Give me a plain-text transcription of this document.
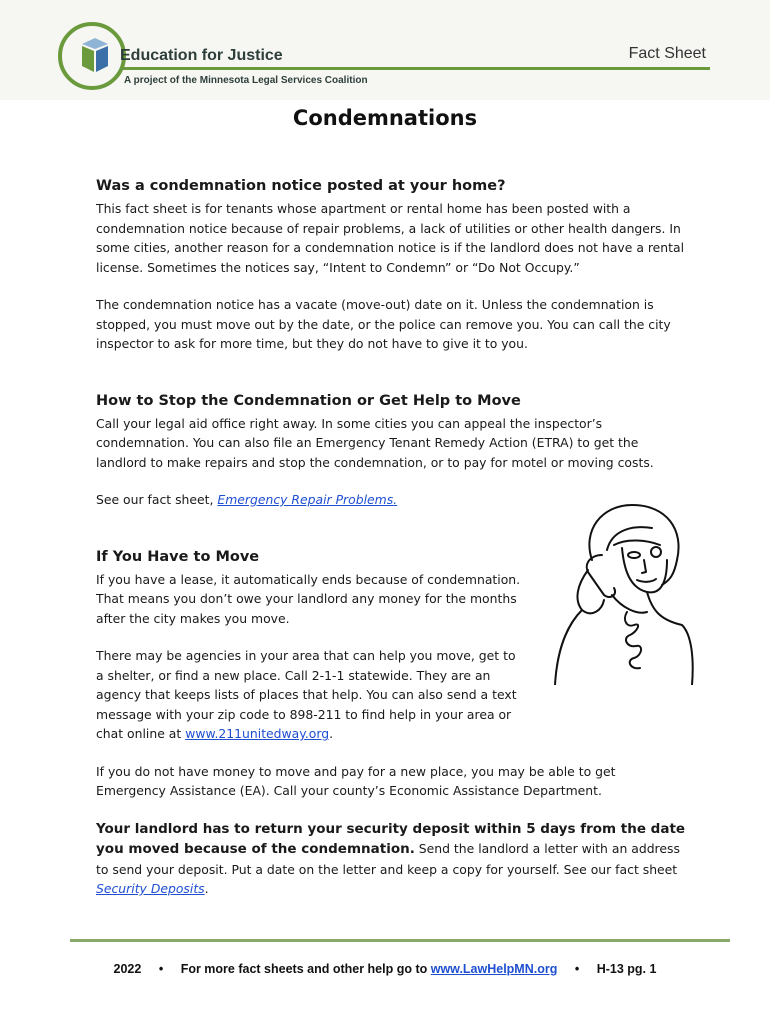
Education for Justice
A project of the Minnesota Legal Services Coalition
Fact Sheet
Condemnations
Was a condemnation notice posted at your home?

This fact sheet is for tenants whose apartment or rental home has been posted with a condemnation notice because of repair problems, a lack of utilities or other health dangers. In some cities, another reason for a condemnation notice is if the landlord does not have a rental license. Sometimes the notices say, “Intent to Condemn” or “Do Not Occupy.”

The condemnation notice has a vacate (move-out) date on it. Unless the condemnation is stopped, you must move out by the date, or the police can remove you. You can call the city inspector to ask for more time, but they do not have to give it to you.

How to Stop the Condemnation or Get Help to Move

Call your legal aid office right away. In some cities you can appeal the inspector’s condemnation. You can also file an Emergency Tenant Remedy Action (ETRA) to get the landlord to make repairs and stop the condemnation, or to pay for motel or moving costs.

See our fact sheet, Emergency Repair Problems.

If You Have to Move

If you have a lease, it automatically ends because of condemnation. That means you don’t owe your landlord any money for the months after the city makes you move.

There may be agencies in your area that can help you move, get to a shelter, or find a new place. Call 2-1-1 statewide. They are an agency that keeps lists of places that help. You can also send a text message with your zip code to 898-211 to find help in your area or chat online at www.211unitedway.org.

If you do not have money to move and pay for a new place, you may be able to get Emergency Assistance (EA). Call your county’s Economic Assistance Department.

Your landlord has to return your security deposit within 5 days from the date you moved because of the condemnation. Send the landlord a letter with an address to send your deposit. Put a date on the letter and keep a copy for yourself. See our fact sheet Security Deposits.

2022 • For more fact sheets and other help go to www.LawHelpMN.org • H-13 pg. 1
